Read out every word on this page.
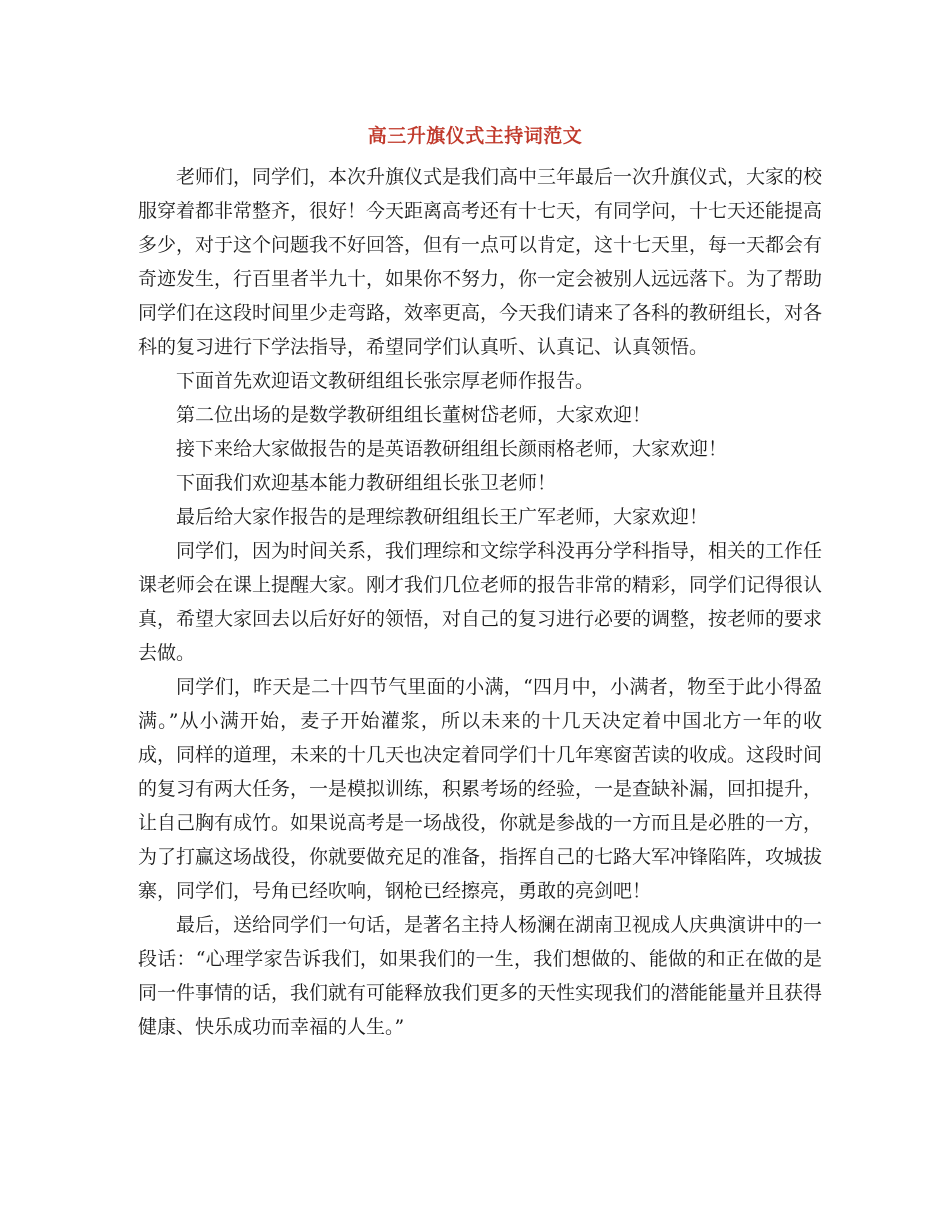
高三升旗仪式主持词范文

老师们，同学们，本次升旗仪式是我们高中三年最后一次升旗仪式，大家的校服穿着都非常整齐，很好！今天距离高考还有十七天，有同学问，十七天还能提高多少，对于这个问题我不好回答，但有一点可以肯定，这十七天里，每一天都会有奇迹发生，行百里者半九十，如果你不努力，你一定会被别人远远落下。为了帮助同学们在这段时间里少走弯路，效率更高，今天我们请来了各科的教研组长，对各科的复习进行下学法指导，希望同学们认真听、认真记、认真领悟。

下面首先欢迎语文教研组组长张宗厚老师作报告。

第二位出场的是数学教研组组长董树岱老师，大家欢迎！

接下来给大家做报告的是英语教研组组长颜雨格老师，大家欢迎！

下面我们欢迎基本能力教研组组长张卫老师！

最后给大家作报告的是理综教研组组长王广军老师，大家欢迎！

同学们，因为时间关系，我们理综和文综学科没再分学科指导，相关的工作任课老师会在课上提醒大家。刚才我们几位老师的报告非常的精彩，同学们记得很认真，希望大家回去以后好好的领悟，对自己的复习进行必要的调整，按老师的要求去做。

同学们，昨天是二十四节气里面的小满，“四月中，小满者，物至于此小得盈满。”从小满开始，麦子开始灌浆，所以未来的十几天决定着中国北方一年的收成，同样的道理，未来的十几天也决定着同学们十几年寒窗苦读的收成。这段时间的复习有两大任务，一是模拟训练，积累考场的经验，一是查缺补漏，回扣提升，让自己胸有成竹。如果说高考是一场战役，你就是参战的一方而且是必胜的一方，为了打赢这场战役，你就要做充足的准备，指挥自己的七路大军冲锋陷阵，攻城拔寨，同学们，号角已经吹响，钢枪已经擦亮，勇敢的亮剑吧！

最后，送给同学们一句话，是著名主持人杨澜在湖南卫视成人庆典演讲中的一段话：“心理学家告诉我们，如果我们的一生，我们想做的、能做的和正在做的是同一件事情的话，我们就有可能释放我们更多的天性实现我们的潜能能量并且获得健康、快乐成功而幸福的人生。”
